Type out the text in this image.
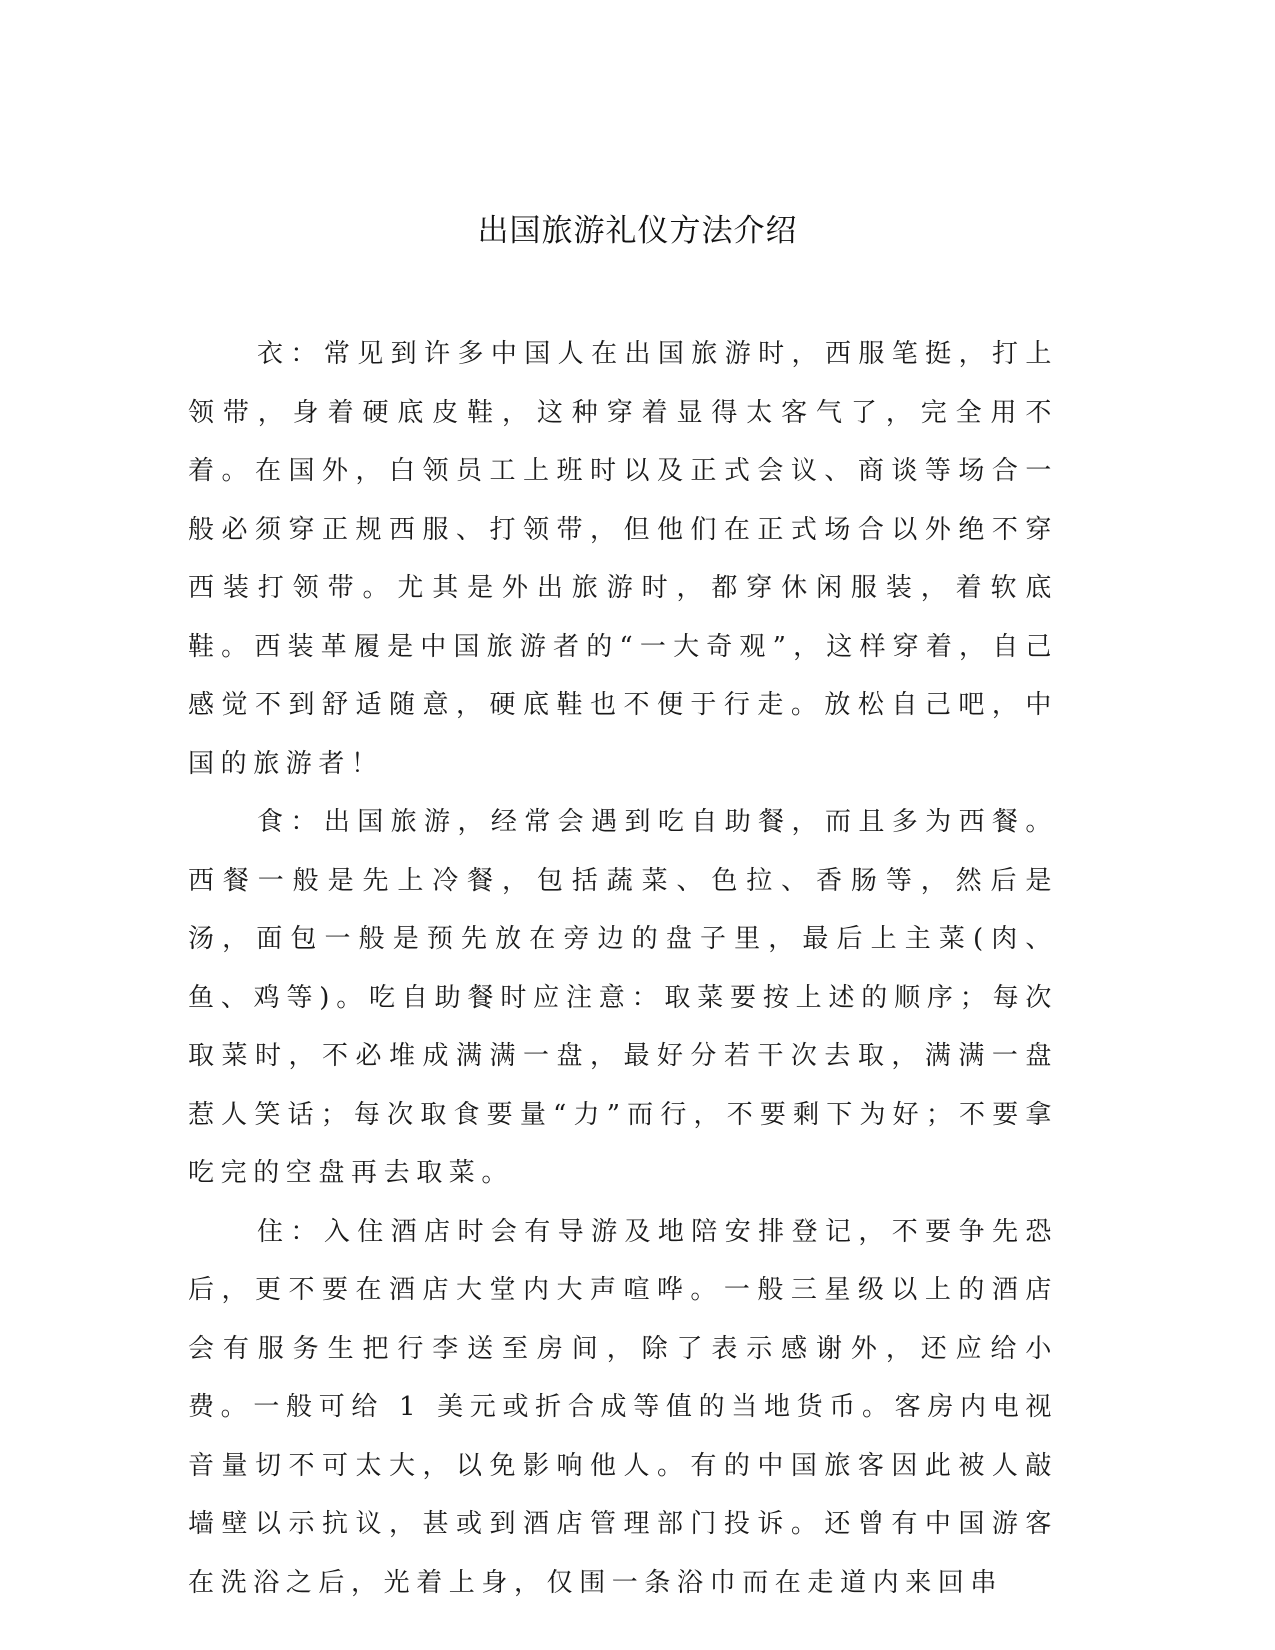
出国旅游礼仪方法介绍

衣：常见到许多中国人在出国旅游时，西服笔挺，打上领带，身着硬底皮鞋，这种穿着显得太客气了，完全用不着。在国外，白领员工上班时以及正式会议、商谈等场合一般必须穿正规西服、打领带，但他们在正式场合以外绝不穿西装打领带。尤其是外出旅游时，都穿休闲服装，着软底鞋。西装革履是中国旅游者的“一大奇观”，这样穿着，自己感觉不到舒适随意，硬底鞋也不便于行走。放松自己吧，中国的旅游者！

食：出国旅游，经常会遇到吃自助餐，而且多为西餐。西餐一般是先上冷餐，包括蔬菜、色拉、香肠等，然后是汤，面包一般是预先放在旁边的盘子里，最后上主菜(肉、鱼、鸡等)。吃自助餐时应注意：取菜要按上述的顺序；每次取菜时，不必堆成满满一盘，最好分若干次去取，满满一盘惹人笑话；每次取食要量“力”而行，不要剩下为好；不要拿吃完的空盘再去取菜。

住：入住酒店时会有导游及地陪安排登记，不要争先恐后，更不要在酒店大堂内大声喧哗。一般三星级以上的酒店会有服务生把行李送至房间，除了表示感谢外，还应给小费。一般可给 1 美元或折合成等值的当地货币。客房内电视音量切不可太大，以免影响他人。有的中国旅客因此被人敲墙壁以示抗议，甚或到酒店管理部门投诉。还曾有中国游客在洗浴之后，光着上身，仅围一条浴巾而在走道内来回串
